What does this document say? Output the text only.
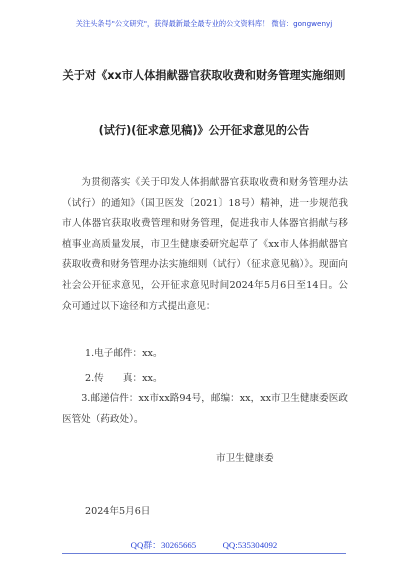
关注头条号"公文研究"，获得最新最全最专业的公文资料库！ 微信：gongwenyj
关于对《xx市人体捐献器官获取收费和财务管理实施细则
(试行)(征求意见稿)》公开征求意见的公告
为贯彻落实《关于印发人体捐献器官获取收费和财务管理办法（试行）的通知》（国卫医发〔2021〕18号）精神，进一步规范我市人体器官获取收费管理和财务管理，促进我市人体器官捐献与移植事业高质量发展，市卫生健康委研究起草了《xx市人体捐献器官获取收费和财务管理办法实施细则（试行）（征求意见稿）》。现面向社会公开征求意见，公开征求意见时间2024年5月6日至14日。公众可通过以下途径和方式提出意见：
1.电子邮件：xx。
2.传　　真：xx。
3.邮递信件：xx市xx路94号，邮编：xx，xx市卫生健康委医政医管处（药政处）。
市卫生健康委
2024年5月6日
QQ群：30265665	QQ:535304092
